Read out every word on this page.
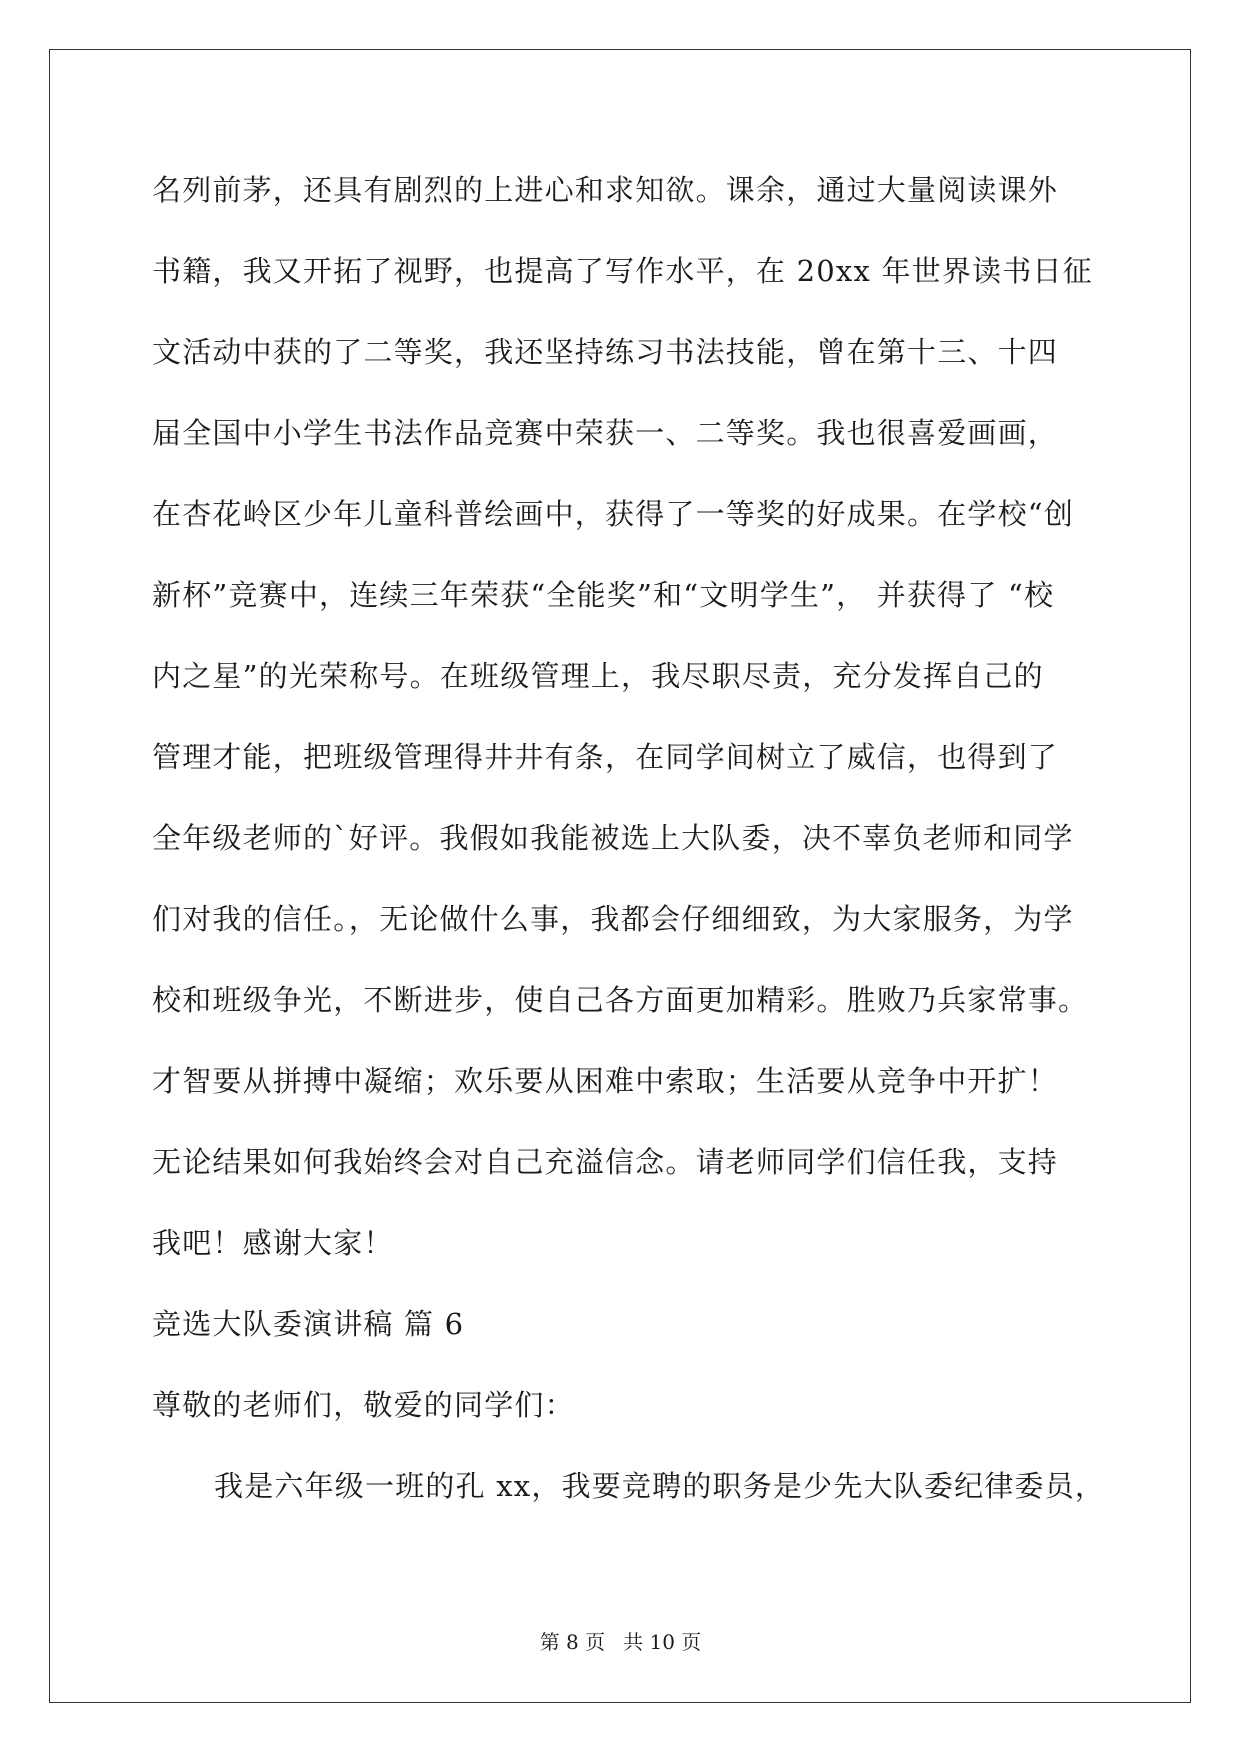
名列前茅，还具有剧烈的上进心和求知欲。课余，通过大量阅读课外
书籍，我又开拓了视野，也提高了写作水平，在 20xx 年世界读书日征
文活动中获的了二等奖，我还坚持练习书法技能，曾在第十三、十四
届全国中小学生书法作品竞赛中荣获一、二等奖。我也很喜爱画画，
在杏花岭区少年儿童科普绘画中，获得了一等奖的好成果。在学校“创
新杯”竞赛中，连续三年荣获“全能奖”和“文明学生”， 并获得了 “校
内之星”的光荣称号。在班级管理上，我尽职尽责，充分发挥自己的
管理才能，把班级管理得井井有条，在同学间树立了威信，也得到了
全年级老师的`好评。我假如我能被选上大队委，决不辜负老师和同学
们对我的信任。，无论做什么事，我都会仔细细致，为大家服务，为学
校和班级争光，不断进步，使自己各方面更加精彩。胜败乃兵家常事。
才智要从拼搏中凝缩；欢乐要从困难中索取；生活要从竞争中开扩！
无论结果如何我始终会对自己充溢信念。请老师同学们信任我，支持
我吧！感谢大家！
竞选大队委演讲稿 篇 6
尊敬的老师们，敬爱的同学们：
我是六年级一班的孔 xx，我要竞聘的职务是少先大队委纪律委员，
第 8 页 共 10 页
